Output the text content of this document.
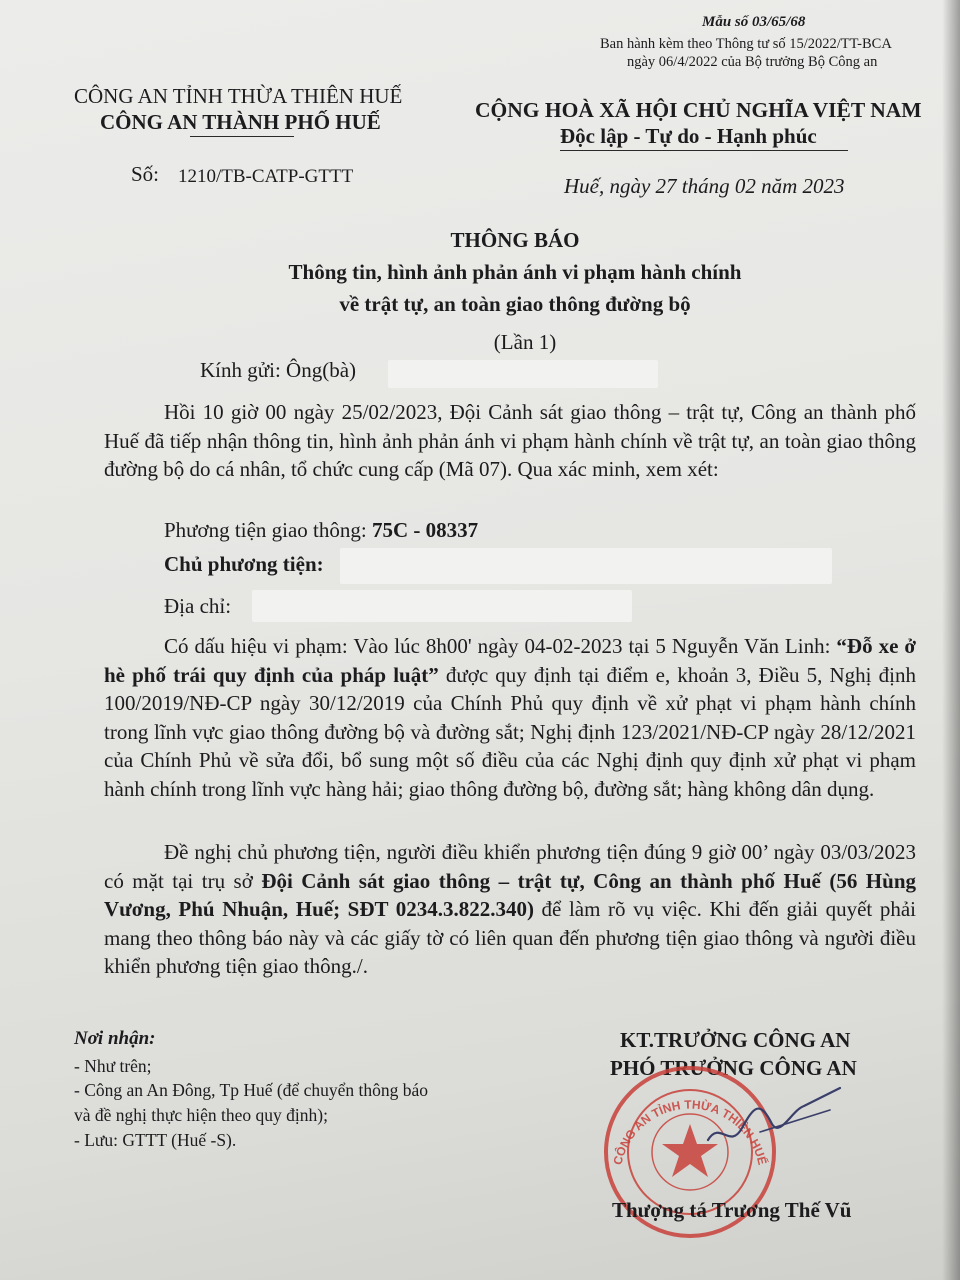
Mẫu số 03/65/68
Ban hành kèm theo Thông tư số 15/2022/TT-BCA
ngày 06/4/2022 của Bộ trưởng Bộ Công an
CÔNG AN TỈNH THỪA THIÊN HUẾ
CÔNG AN THÀNH PHỐ HUẾ
Số: 1210/TB-CATP-GTTT
CỘNG HOÀ XÃ HỘI CHỦ NGHĨA VIỆT NAM
Độc lập - Tự do - Hạnh phúc
Huế, ngày 27 tháng 02 năm 2023
THÔNG BÁO
Thông tin, hình ảnh phản ánh vi phạm hành chính
về trật tự, an toàn giao thông đường bộ
(Lần 1)
Kính gửi: Ông(bà)
Hồi 10 giờ 00 ngày 25/02/2023, Đội Cảnh sát giao thông – trật tự, Công an thành phố Huế đã tiếp nhận thông tin, hình ảnh phản ánh vi phạm hành chính về trật tự, an toàn giao thông đường bộ do cá nhân, tổ chức cung cấp (Mã 07). Qua xác minh, xem xét:
Phương tiện giao thông: 75C - 08337
Chủ phương tiện:
Địa chỉ:
Có dấu hiệu vi phạm: Vào lúc 8h00' ngày 04-02-2023 tại 5 Nguyễn Văn Linh: “Đỗ xe ở hè phố trái quy định của pháp luật” được quy định tại điểm e, khoản 3, Điều 5, Nghị định 100/2019/NĐ-CP ngày 30/12/2019 của Chính Phủ quy định về xử phạt vi phạm hành chính trong lĩnh vực giao thông đường bộ và đường sắt; Nghị định 123/2021/NĐ-CP ngày 28/12/2021 của Chính Phủ về sửa đổi, bổ sung một số điều của các Nghị định quy định xử phạt vi phạm hành chính trong lĩnh vực hàng hải; giao thông đường bộ, đường sắt; hàng không dân dụng.
Đề nghị chủ phương tiện, người điều khiển phương tiện đúng 9 giờ 00’ ngày 03/03/2023 có mặt tại trụ sở Đội Cảnh sát giao thông – trật tự, Công an thành phố Huế (56 Hùng Vương, Phú Nhuận, Huế; SĐT 0234.3.822.340) để làm rõ vụ việc. Khi đến giải quyết phải mang theo thông báo này và các giấy tờ có liên quan đến phương tiện giao thông và người điều khiển phương tiện giao thông./.
Nơi nhận:
- Như trên;
- Công an An Đông, Tp Huế (để chuyển thông báo
và đề nghị thực hiện theo quy định);
- Lưu: GTTT (Huế -S).
KT.TRƯỞNG CÔNG AN
PHÓ TRƯỞNG CÔNG AN
CÔNG AN TỈNH THỪA THIÊN HUẾ
Thượng tá Trương Thế Vũ
